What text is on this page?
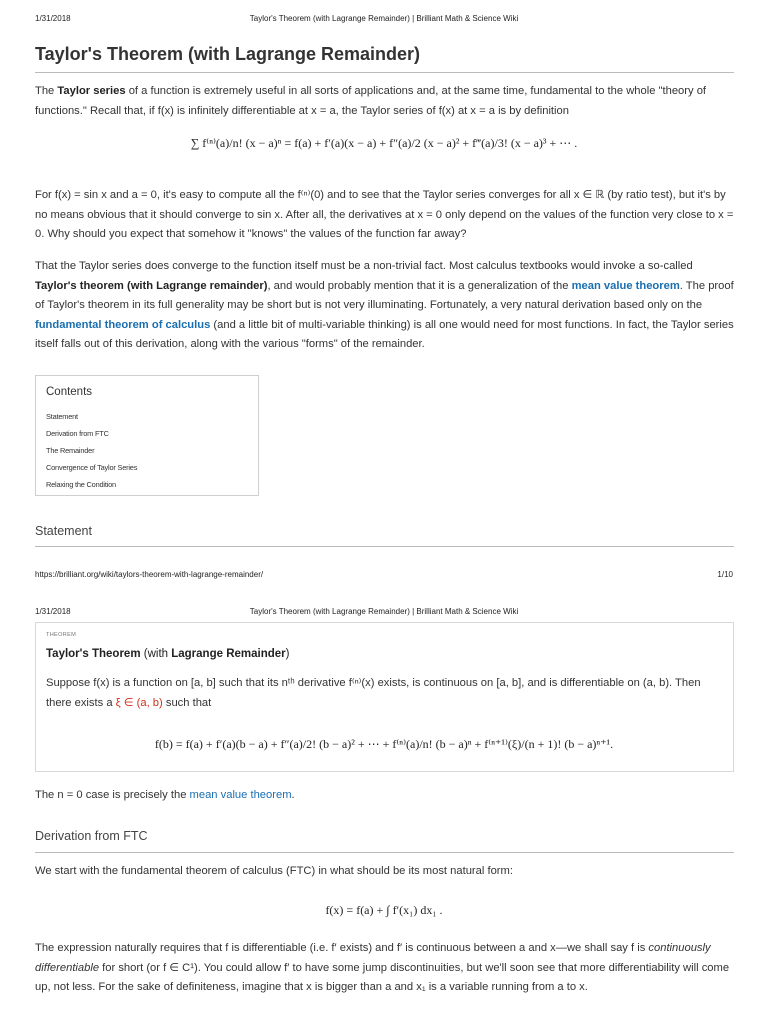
1/31/2018	Taylor's Theorem (with Lagrange Remainder) | Brilliant Math & Science Wiki
Taylor's Theorem (with Lagrange Remainder)
The Taylor series of a function is extremely useful in all sorts of applications and, at the same time, fundamental to the whole "theory of functions." Recall that, if f(x) is infinitely differentiable at x = a, the Taylor series of f(x) at x = a is by definition
∑ f⁽ⁿ⁾(a)/n! (x − a)ⁿ = f(a) + f′(a)(x − a) + f″(a)/2 (x − a)² + f‴(a)/3! (x − a)³ + ⋯ .
For f(x) = sin x and a = 0, it's easy to compute all the f⁽ⁿ⁾(0) and to see that the Taylor series converges for all x ∈ ℝ (by ratio test), but it's by no means obvious that it should converge to sin x. After all, the derivatives at x = 0 only depend on the values of the function very close to x = 0. Why should you expect that somehow it "knows" the values of the function far away?
That the Taylor series does converge to the function itself must be a non-trivial fact. Most calculus textbooks would invoke a so-called Taylor's theorem (with Lagrange remainder), and would probably mention that it is a generalization of the mean value theorem. The proof of Taylor's theorem in its full generality may be short but is not very illuminating. Fortunately, a very natural derivation based only on the fundamental theorem of calculus (and a little bit of multi-variable thinking) is all one would need for most functions. In fact, the Taylor series itself falls out of this derivation, along with the various "forms" of the remainder.
Contents
Statement
Derivation from FTC
The Remainder
Convergence of Taylor Series
Relaxing the Condition
Statement
https://brilliant.org/wiki/taylors-theorem-with-lagrange-remainder/	1/10
1/31/2018	Taylor's Theorem (with Lagrange Remainder) | Brilliant Math & Science Wiki
THEOREM
Taylor's Theorem (with Lagrange Remainder)
Suppose f(x) is a function on [a, b] such that its nᵗʰ derivative f⁽ⁿ⁾(x) exists, is continuous on [a, b], and is differentiable on (a, b). Then there exists a ξ ∈ (a, b) such that
f(b) = f(a) + f′(a)(b − a) + f″(a)/2! (b − a)² + ⋯ + f⁽ⁿ⁾(a)/n! (b − a)ⁿ + f⁽ⁿ⁺¹⁾(ξ)/(n + 1)! (b − a)ⁿ⁺¹.
The n = 0 case is precisely the mean value theorem.
Derivation from FTC
We start with the fundamental theorem of calculus (FTC) in what should be its most natural form:
f(x) = f(a) + ∫ f′(x₁) dx₁ .
The expression naturally requires that f is differentiable (i.e. f′ exists) and f′ is continuous between a and x—we shall say f is continuously differentiable for short (or f ∈ C¹). You could allow f′ to have some jump discontinuities, but we'll soon see that more differentiability will come up, not less. For the sake of definiteness, imagine that x is bigger than a and x₁ is a variable running from a to x.
